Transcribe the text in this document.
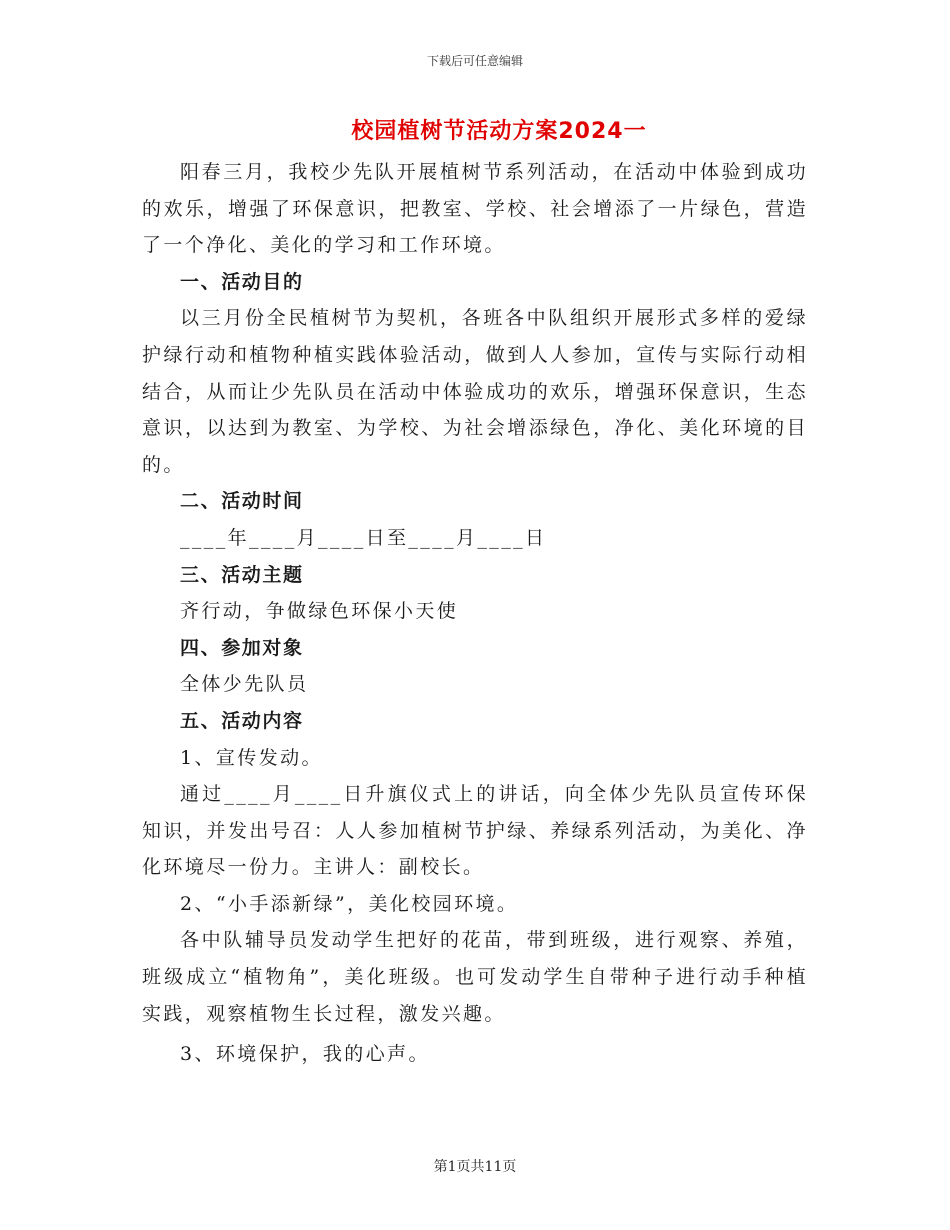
下载后可任意编辑
校园植树节活动方案2024一

阳春三月，我校少先队开展植树节系列活动，在活动中体验到成功的欢乐，增强了环保意识，把教室、学校、社会增添了一片绿色，营造了一个净化、美化的学习和工作环境。

一、活动目的

以三月份全民植树节为契机，各班各中队组织开展形式多样的爱绿护绿行动和植物种植实践体验活动，做到人人参加，宣传与实际行动相结合，从而让少先队员在活动中体验成功的欢乐，增强环保意识，生态意识，以达到为教室、为学校、为社会增添绿色，净化、美化环境的目的。

二、活动时间

____年____月____日至____月____日

三、活动主题

齐行动，争做绿色环保小天使

四、参加对象

全体少先队员

五、活动内容

1、宣传发动。

通过____月____日升旗仪式上的讲话，向全体少先队员宣传环保知识，并发出号召：人人参加植树节护绿、养绿系列活动，为美化、净化环境尽一份力。主讲人：副校长。

2、“小手添新绿”，美化校园环境。

各中队辅导员发动学生把好的花苗，带到班级，进行观察、养殖，班级成立“植物角”，美化班级。也可发动学生自带种子进行动手种植实践，观察植物生长过程，激发兴趣。

3、环境保护，我的心声。

第1页共11页
